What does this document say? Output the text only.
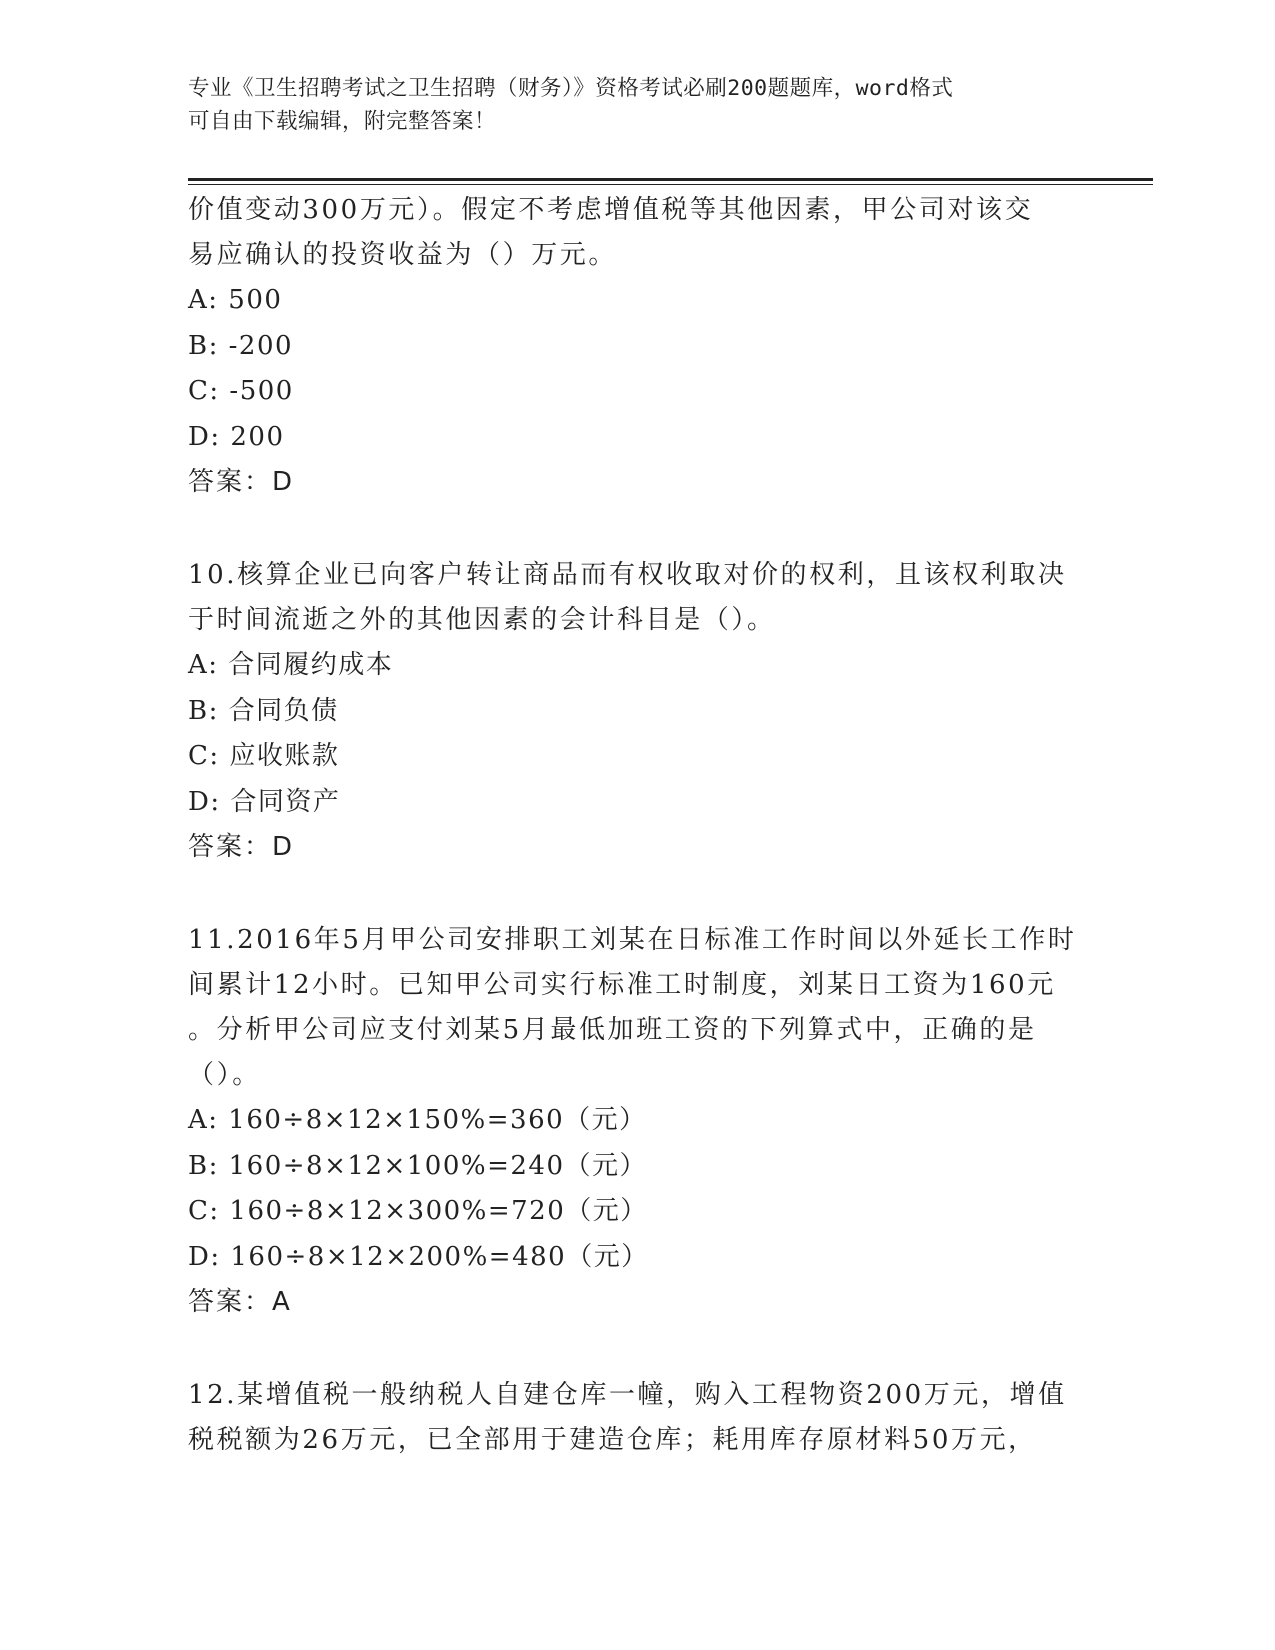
专业《卫生招聘考试之卫生招聘（财务）》资格考试必刷200题题库，word格式
可自由下载编辑，附完整答案！

价值变动300万元）。假定不考虑增值税等其他因素，甲公司对该交

易应确认的投资收益为（）万元。

A: 500

B: -200

C: -500

D: 200

答案：D

10.核算企业已向客户转让商品而有权收取对价的权利，且该权利取决

于时间流逝之外的其他因素的会计科目是（）。

A: 合同履约成本

B: 合同负债

C: 应收账款

D: 合同资产

答案：D

11.2016年5月甲公司安排职工刘某在日标准工作时间以外延长工作时

间累计12小时。已知甲公司实行标准工时制度，刘某日工资为160元

。分析甲公司应支付刘某5月最低加班工资的下列算式中，正确的是

（）。

A: 160÷8×12×150%=360（元）

B: 160÷8×12×100%=240（元）

C: 160÷8×12×300%=720（元）

D: 160÷8×12×200%=480（元）

答案：A

12.某增值税一般纳税人自建仓库一幢，购入工程物资200万元，增值

税税额为26万元，已全部用于建造仓库；耗用库存原材料50万元，
